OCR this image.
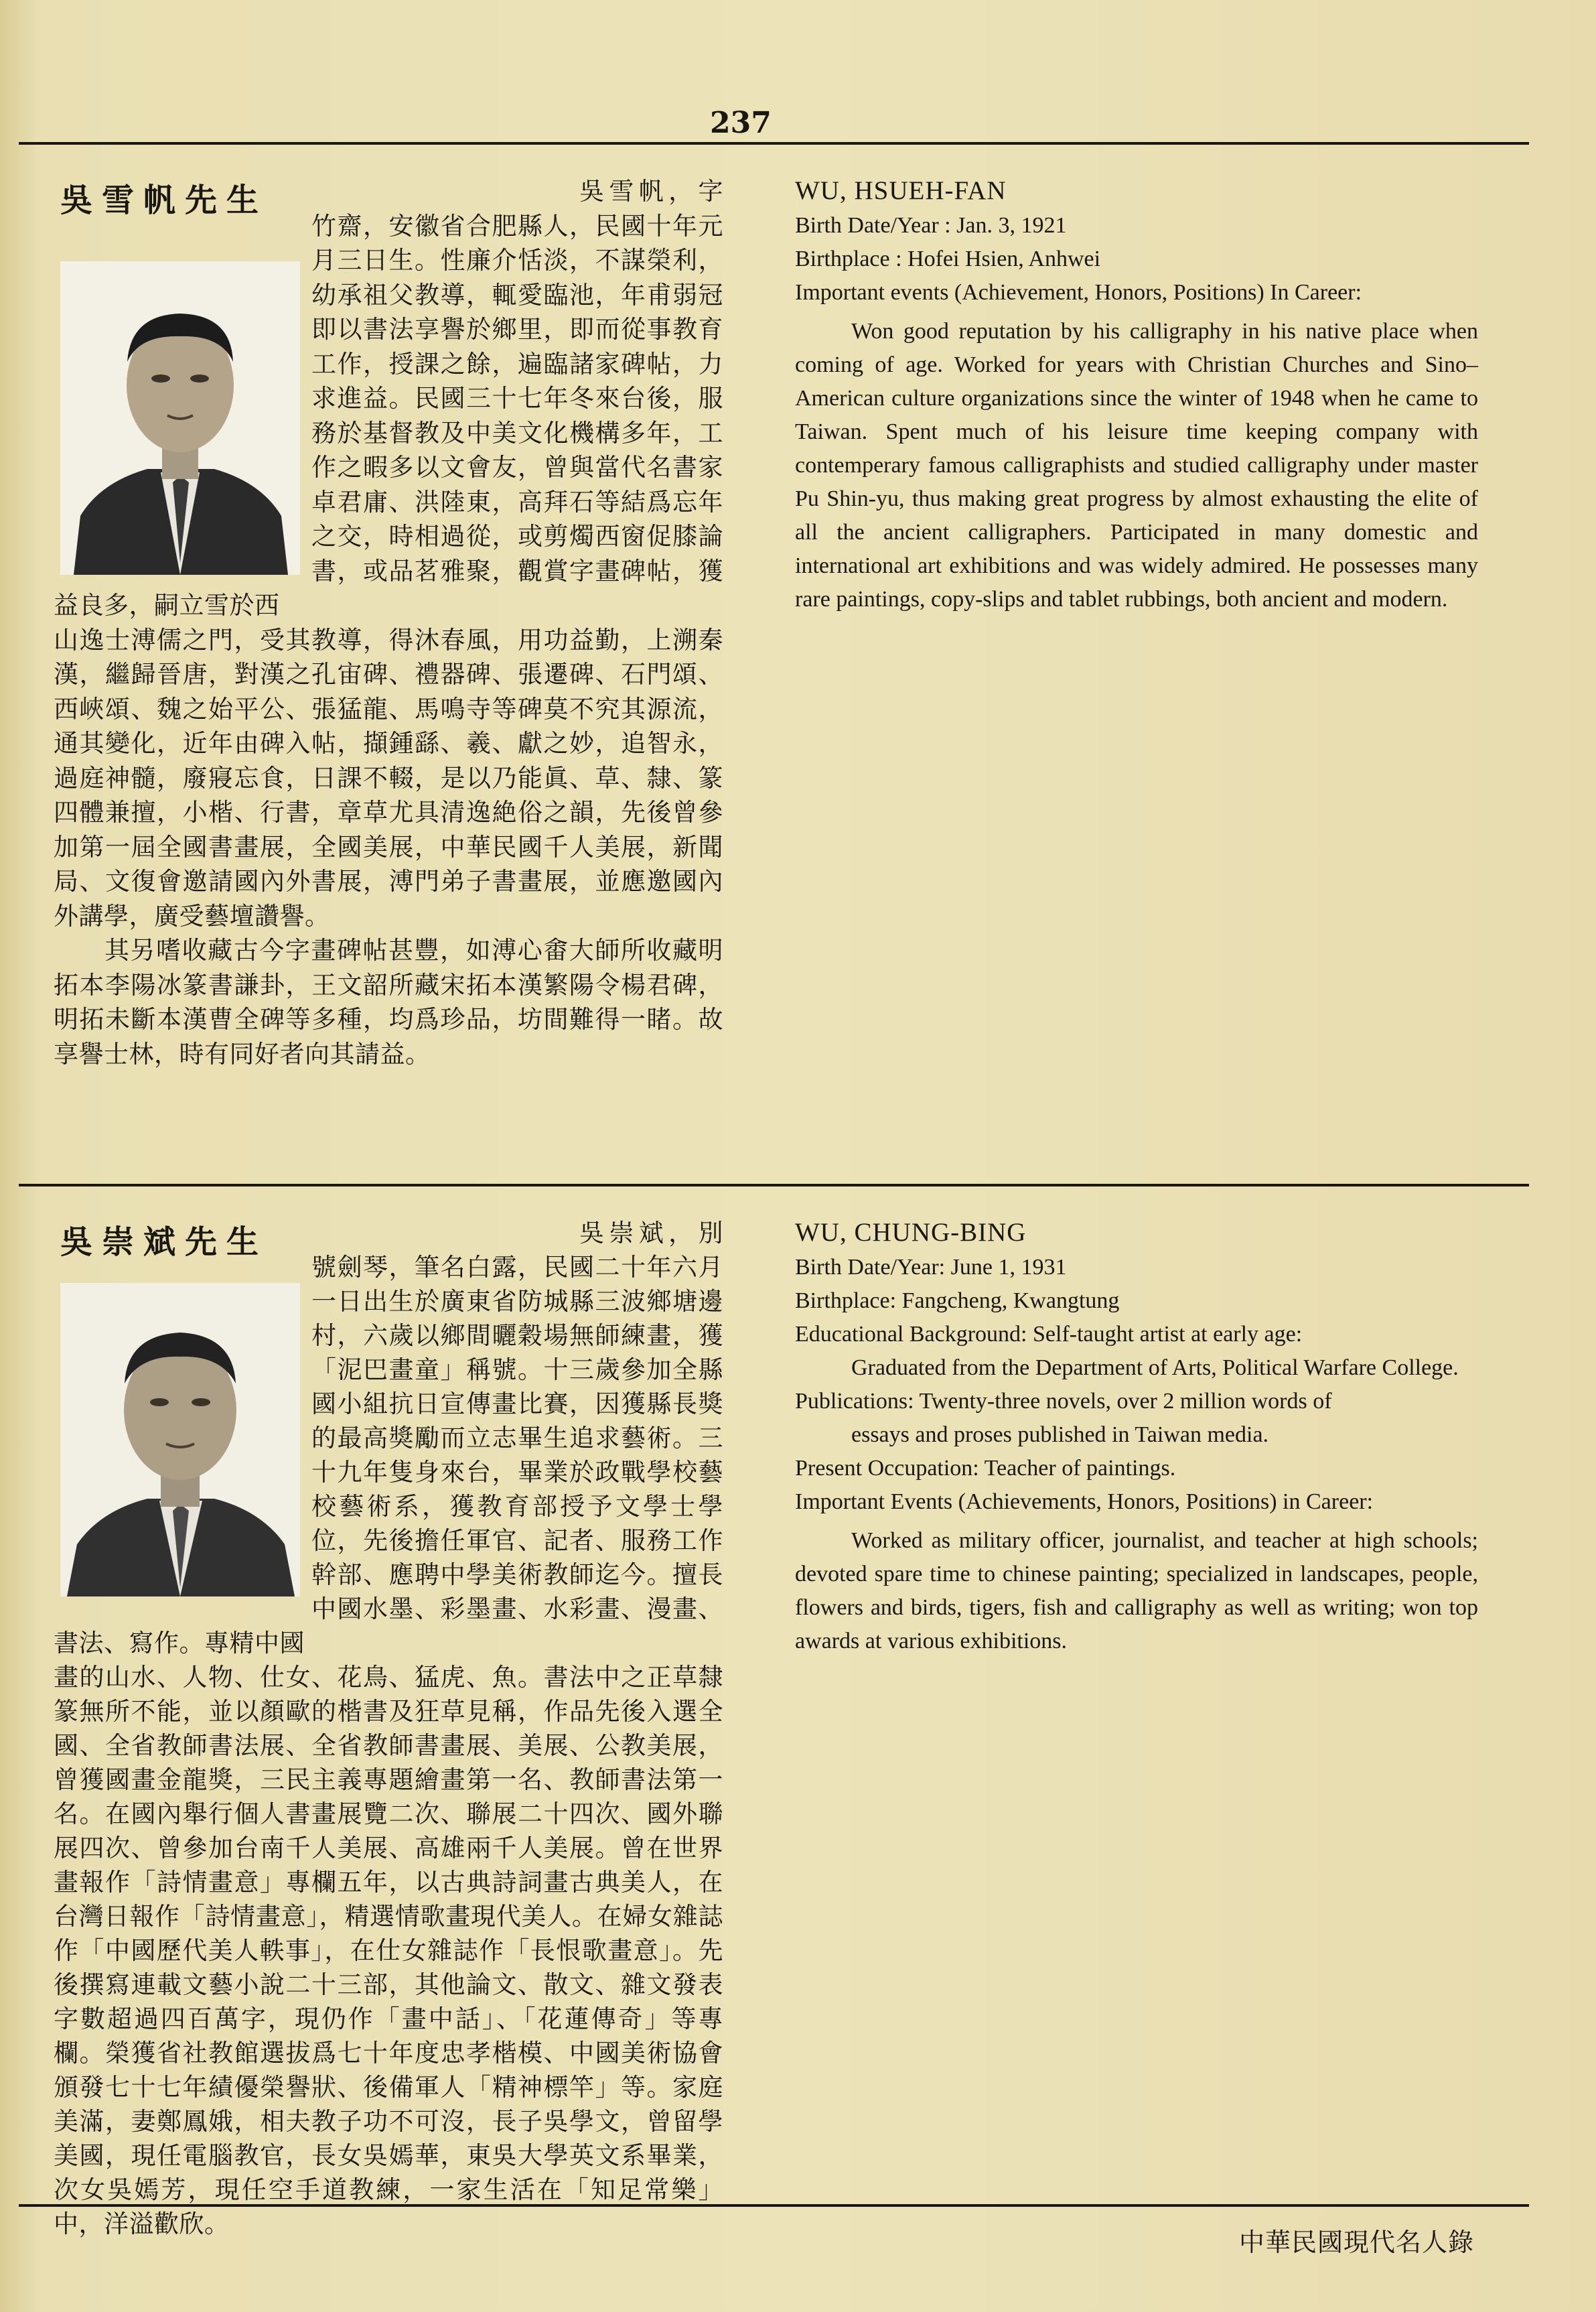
237
吳雪帆先生	吳雪帆，字竹齋，安徽省合肥縣人，民國十年元月三日生。性廉介恬淡，不謀榮利，幼承祖父教導，輒愛臨池，年甫弱冠即以書法享譽於鄉里，即而從事教育工作，授課之餘，遍臨諸家碑帖，力求進益。民國三十七年冬來台後，服務於基督教及中美文化機構多年，工作之暇多以文會友，曾與當代名書家卓君庸、洪陸東，高拜石等結爲忘年之交，時相過從，或剪燭西窗促膝論書，或品茗雅聚，觀賞字畫碑帖，獲益良多，嗣立雪於西

山逸士溥儒之門，受其教導，得沐春風，用功益勤，上溯秦漢，繼歸晉唐，對漢之孔宙碑、禮器碑、張遷碑、石門頌、西峽頌、魏之始平公、張猛龍、馬鳴寺等碑莫不究其源流，通其變化，近年由碑入帖，擷鍾繇、羲、獻之妙，追智永，過庭神髓，廢寢忘食，日課不輟，是以乃能眞、草、隸、篆四體兼擅，小楷、行書，章草尤具清逸絶俗之韻，先後曾參加第一屆全國書畫展，全國美展，中華民國千人美展，新聞局、文復會邀請國內外書展，溥門弟子書畫展，並應邀國內外講學，廣受藝壇讚譽。

其另嗜收藏古今字畫碑帖甚豐，如溥心畬大師所收藏明拓本李陽冰篆書謙卦，王文韶所藏宋拓本漢繁陽令楊君碑，明拓未斷本漢曹全碑等多種，均爲珍品，坊間難得一睹。故享譽士林，時有同好者向其請益。

WU, HSUEH-FAN

Birth Date/Year : Jan. 3, 1921

Birthplace : Hofei Hsien, Anhwei

Important events (Achievement, Honors, Positions) In Career:

Won good reputation by his calligraphy in his native place when coming of age. Worked for years with Christian Churches and Sino–American culture organizations since the winter of 1948 when he came to Taiwan. Spent much of his leisure time keeping company with contemperary famous calligraphists and studied calligraphy under master Pu Shin-yu, thus making great progress by almost exhausting the elite of all the ancient calligraphers. Participated in many domestic and international art exhibitions and was widely admired. He possesses many rare paintings, copy-slips and tablet rubbings, both ancient and modern.

吳崇斌先生	吳崇斌，別號劍琴，筆名白露，民國二十年六月一日出生於廣東省防城縣三波鄉塘邊村，六歲以鄉間曬穀場無師練畫，獲「泥巴畫童」稱號。十三歲參加全縣國小組抗日宣傳畫比賽，因獲縣長獎的最高獎勵而立志畢生追求藝術。三十九年隻身來台，畢業於政戰學校藝校藝術系，獲教育部授予文學士學位，先後擔任軍官、記者、服務工作幹部、應聘中學美術教師迄今。擅長中國水墨、彩墨畫、水彩畫、漫畫、書法、寫作。專精中國

畫的山水、人物、仕女、花鳥、猛虎、魚。書法中之正草隸篆無所不能，並以顏歐的楷書及狂草見稱，作品先後入選全國、全省教師書法展、全省教師書畫展、美展、公教美展，曾獲國畫金龍獎，三民主義專題繪畫第一名、教師書法第一名。在國內舉行個人書畫展覽二次、聯展二十四次、國外聯展四次、曾參加台南千人美展、高雄兩千人美展。曾在世界畫報作「詩情畫意」專欄五年，以古典詩詞畫古典美人，在台灣日報作「詩情畫意」，精選情歌畫現代美人。在婦女雜誌作「中國歷代美人軼事」，在仕女雜誌作「長恨歌畫意」。先後撰寫連載文藝小說二十三部，其他論文、散文、雜文發表字數超過四百萬字，現仍作「畫中話」、「花蓮傳奇」等專欄。榮獲省社教館選拔爲七十年度忠孝楷模、中國美術協會頒發七十七年績優榮譽狀、後備軍人「精神標竿」等。家庭美滿，妻鄭鳳娥，相夫教子功不可沒，長子吳學文，曾留學美國，現任電腦教官，長女吳嫣華，東吳大學英文系畢業，次女吳嫣芳，現任空手道教練，一家生活在「知足常樂」中，洋溢歡欣。

WU, CHUNG-BING

Birth Date/Year: June 1, 1931

Birthplace: Fangcheng, Kwangtung

Educational Background: Self-taught artist at early age:

Graduated from the Department of Arts, Political Warfare College.

Publications: Twenty-three novels, over 2 million words of

essays and proses published in Taiwan media.

Present Occupation: Teacher of paintings.

Important Events (Achievements, Honors, Positions) in Career:

Worked as military officer, journalist, and teacher at high schools; devoted spare time to chinese painting; specialized in landscapes, people, flowers and birds, tigers, fish and calligraphy as well as writing; won top awards at various exhibitions.

中華民國現代名人錄
